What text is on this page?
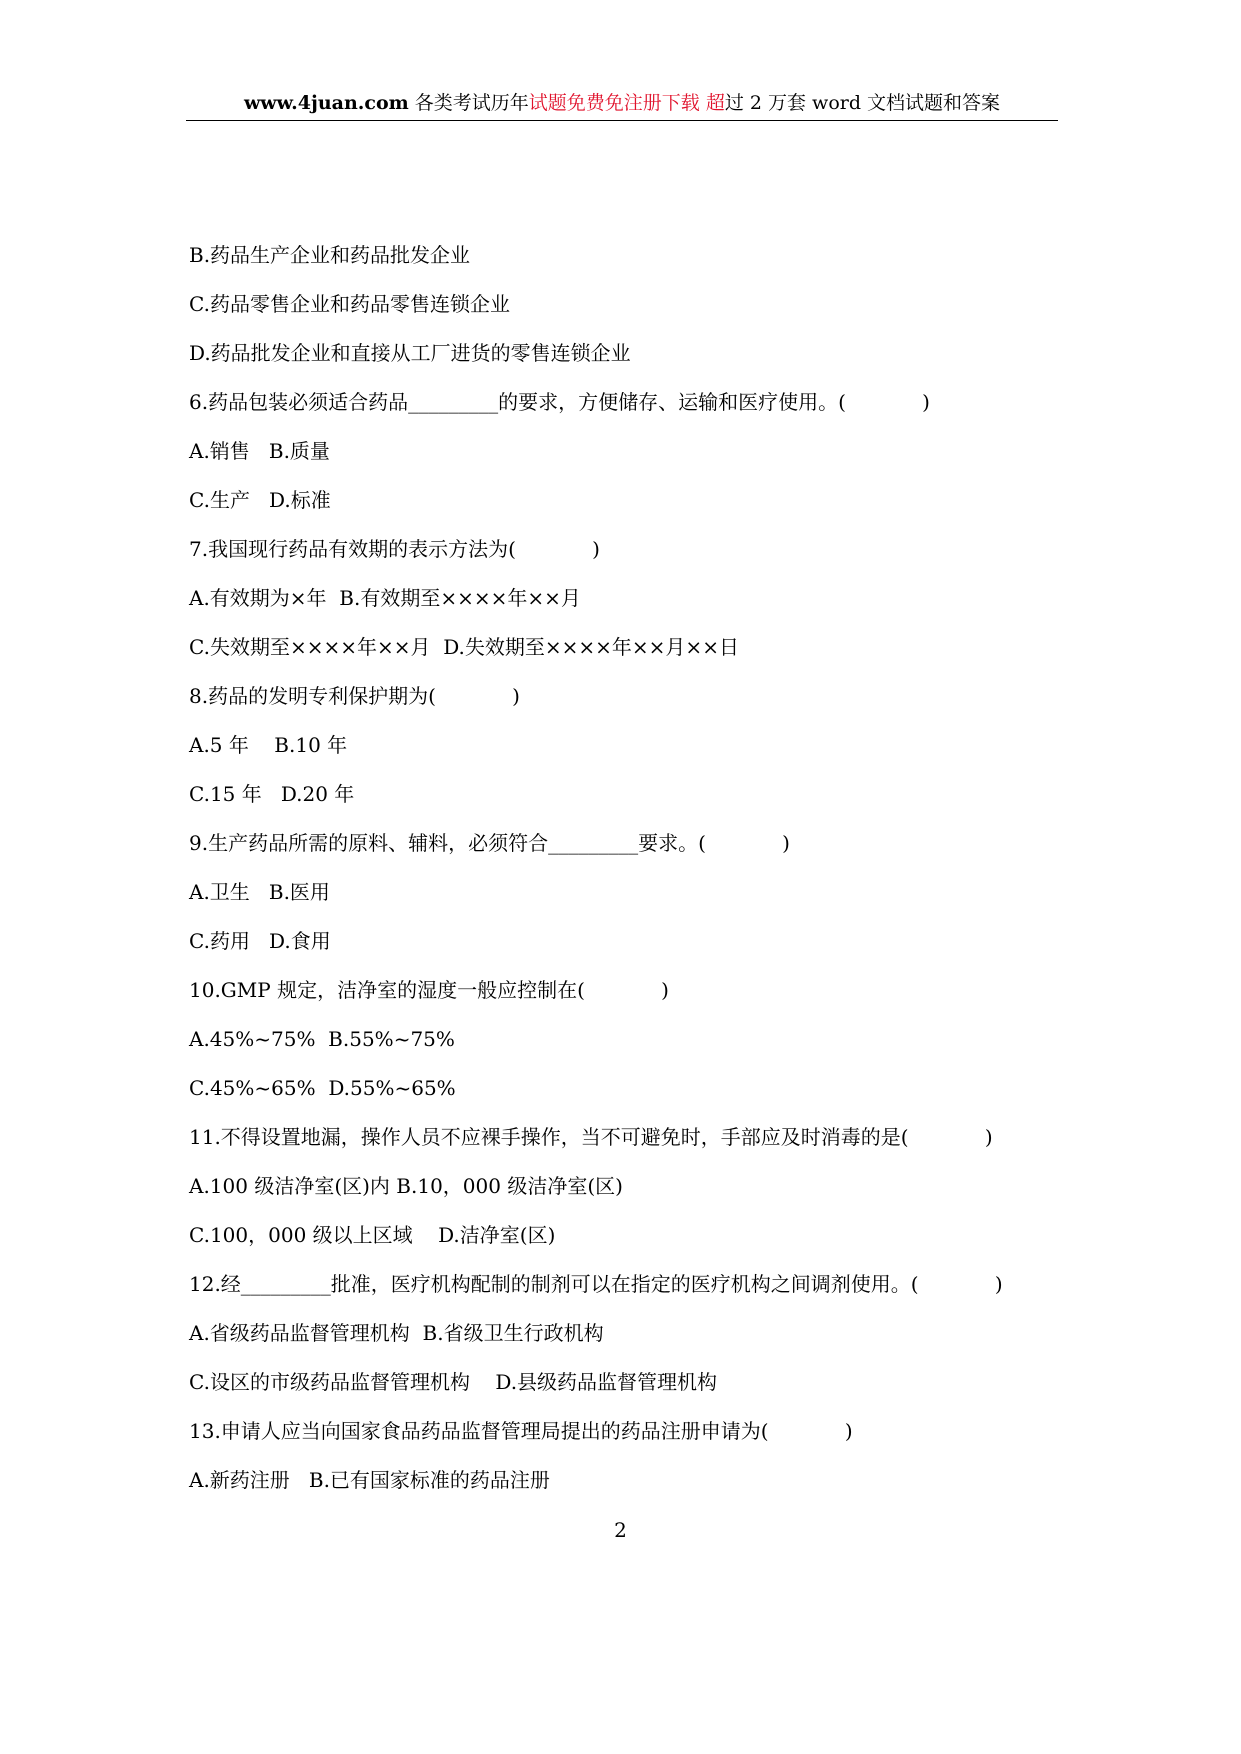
www.4juan.com 各类考试历年试题免费免注册下载 超过 2 万套 word 文档试题和答案
B.药品生产企业和药品批发企业
C.药品零售企业和药品零售连锁企业
D.药品批发企业和直接从工厂进货的零售连锁企业
6.药品包装必须适合药品_________的要求，方便储存、运输和医疗使用。(            )
A.销售   B.质量
C.生产   D.标准
7.我国现行药品有效期的表示方法为(            )
A.有效期为×年  B.有效期至××××年××月
C.失效期至××××年××月  D.失效期至××××年××月××日
8.药品的发明专利保护期为(            )
A.5 年    B.10 年
C.15 年   D.20 年
9.生产药品所需的原料、辅料，必须符合_________要求。(            )
A.卫生   B.医用
C.药用   D.食用
10.GMP 规定，洁净室的湿度一般应控制在(            )
A.45%~75%  B.55%~75%
C.45%~65%  D.55%~65%
11.不得设置地漏，操作人员不应裸手操作，当不可避免时，手部应及时消毒的是(            )
A.100 级洁净室(区)内 B.10，000 级洁净室(区)
C.100，000 级以上区域    D.洁净室(区)
12.经_________批准，医疗机构配制的制剂可以在指定的医疗机构之间调剂使用。(            )
A.省级药品监督管理机构  B.省级卫生行政机构
C.设区的市级药品监督管理机构    D.县级药品监督管理机构
13.申请人应当向国家食品药品监督管理局提出的药品注册申请为(            )
A.新药注册   B.已有国家标准的药品注册
2
